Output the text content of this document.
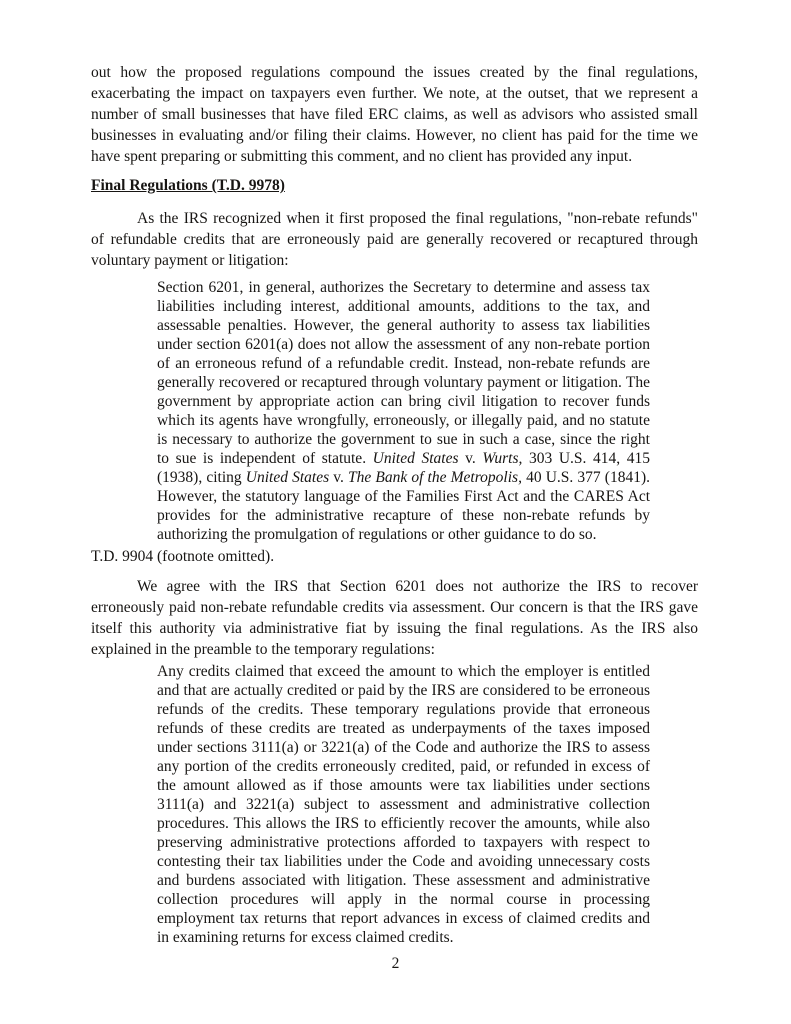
out how the proposed regulations compound the issues created by the final regulations, exacerbating the impact on taxpayers even further. We note, at the outset, that we represent a number of small businesses that have filed ERC claims, as well as advisors who assisted small businesses in evaluating and/or filing their claims. However, no client has paid for the time we have spent preparing or submitting this comment, and no client has provided any input.

Final Regulations (T.D. 9978)

As the IRS recognized when it first proposed the final regulations, "non-rebate refunds" of refundable credits that are erroneously paid are generally recovered or recaptured through voluntary payment or litigation:

Section 6201, in general, authorizes the Secretary to determine and assess tax liabilities including interest, additional amounts, additions to the tax, and assessable penalties. However, the general authority to assess tax liabilities under section 6201(a) does not allow the assessment of any non-rebate portion of an erroneous refund of a refundable credit. Instead, non-rebate refunds are generally recovered or recaptured through voluntary payment or litigation. The government by appropriate action can bring civil litigation to recover funds which its agents have wrongfully, erroneously, or illegally paid, and no statute is necessary to authorize the government to sue in such a case, since the right to sue is independent of statute. United States v. Wurts, 303 U.S. 414, 415 (1938), citing United States v. The Bank of the Metropolis, 40 U.S. 377 (1841). However, the statutory language of the Families First Act and the CARES Act provides for the administrative recapture of these non-rebate refunds by authorizing the promulgation of regulations or other guidance to do so.

T.D. 9904 (footnote omitted).

We agree with the IRS that Section 6201 does not authorize the IRS to recover erroneously paid non-rebate refundable credits via assessment. Our concern is that the IRS gave itself this authority via administrative fiat by issuing the final regulations. As the IRS also explained in the preamble to the temporary regulations:

Any credits claimed that exceed the amount to which the employer is entitled and that are actually credited or paid by the IRS are considered to be erroneous refunds of the credits. These temporary regulations provide that erroneous refunds of these credits are treated as underpayments of the taxes imposed under sections 3111(a) or 3221(a) of the Code and authorize the IRS to assess any portion of the credits erroneously credited, paid, or refunded in excess of the amount allowed as if those amounts were tax liabilities under sections 3111(a) and 3221(a) subject to assessment and administrative collection procedures. This allows the IRS to efficiently recover the amounts, while also preserving administrative protections afforded to taxpayers with respect to contesting their tax liabilities under the Code and avoiding unnecessary costs and burdens associated with litigation. These assessment and administrative collection procedures will apply in the normal course in processing employment tax returns that report advances in excess of claimed credits and in examining returns for excess claimed credits.
2
